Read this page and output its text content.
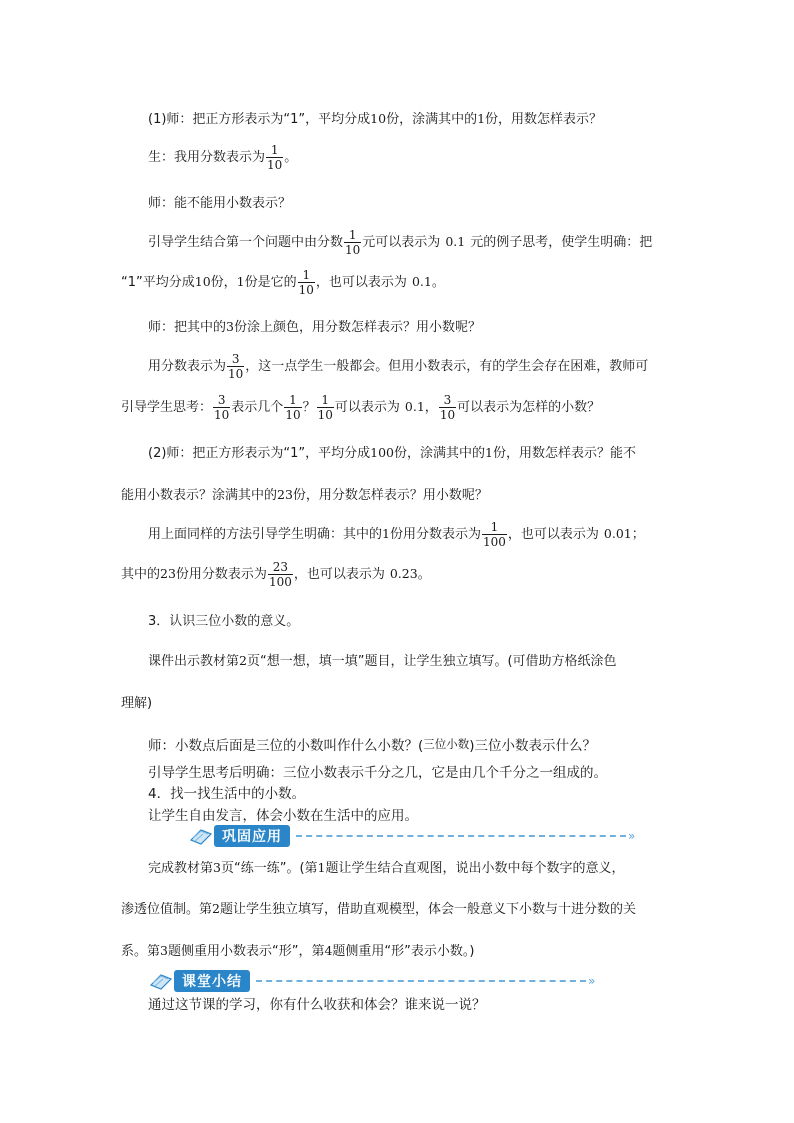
(1)师：把正方形表示为“1”，平均分成10份，涂满其中的1份，用数怎样表示？
生：我用分数表示为 $\frac{1}{10}$ 。
师：能不能用小数表示？
引导学生结合第一个问题中由分数 $\frac{1}{10}$ 元可以表示为 0.1 元的例子思考，使学生明确：把
“1”平均分成10份，1份是它的 $\frac{1}{10}$ ，也可以表示为 0.1。
师：把其中的3份涂上颜色，用分数怎样表示？用小数呢？
用分数表示为 $\frac{3}{10}$ ，这一点学生一般都会。但用小数表示，有的学生会存在困难，教师可
引导学生思考： $\frac{3}{10}$ 表示几个 $\frac{1}{10}$ ？ $\frac{1}{10}$ 可以表示为 0.1， $\frac{3}{10}$ 可以表示为怎样的小数？
(2)师：把正方形表示为“1”，平均分成100份，涂满其中的1份，用数怎样表示？能不
能用小数表示？涂满其中的23份，用分数怎样表示？用小数呢？
用上面同样的方法引导学生明确：其中的1份用分数表示为 $\frac{1}{100}$ ，也可以表示为 0.01；
其中的23份用分数表示为 $\frac{23}{100}$ ，也可以表示为 0.23。
3．认识三位小数的意义。
课件出示教材第2页“想一想，填一填”题目，让学生独立填写。(可借助方格纸涂色
理解)
师：小数点后面是三位的小数叫作什么小数？(三位小数)三位小数表示什么？
引导学生思考后明确：三位小数表示千分之几，它是由几个千分之一组成的。
4．找一找生活中的小数。
让学生自由发言，体会小数在生活中的应用。
巩固应用	»
完成教材第3页“练一练”。(第1题让学生结合直观图，说出小数中每个数字的意义，
渗透位值制。第2题让学生独立填写，借助直观模型，体会一般意义下小数与十进分数的关
系。第3题侧重用小数表示“形”，第4题侧重用“形”表示小数。)
课堂小结	»
通过这节课的学习，你有什么收获和体会？谁来说一说？
